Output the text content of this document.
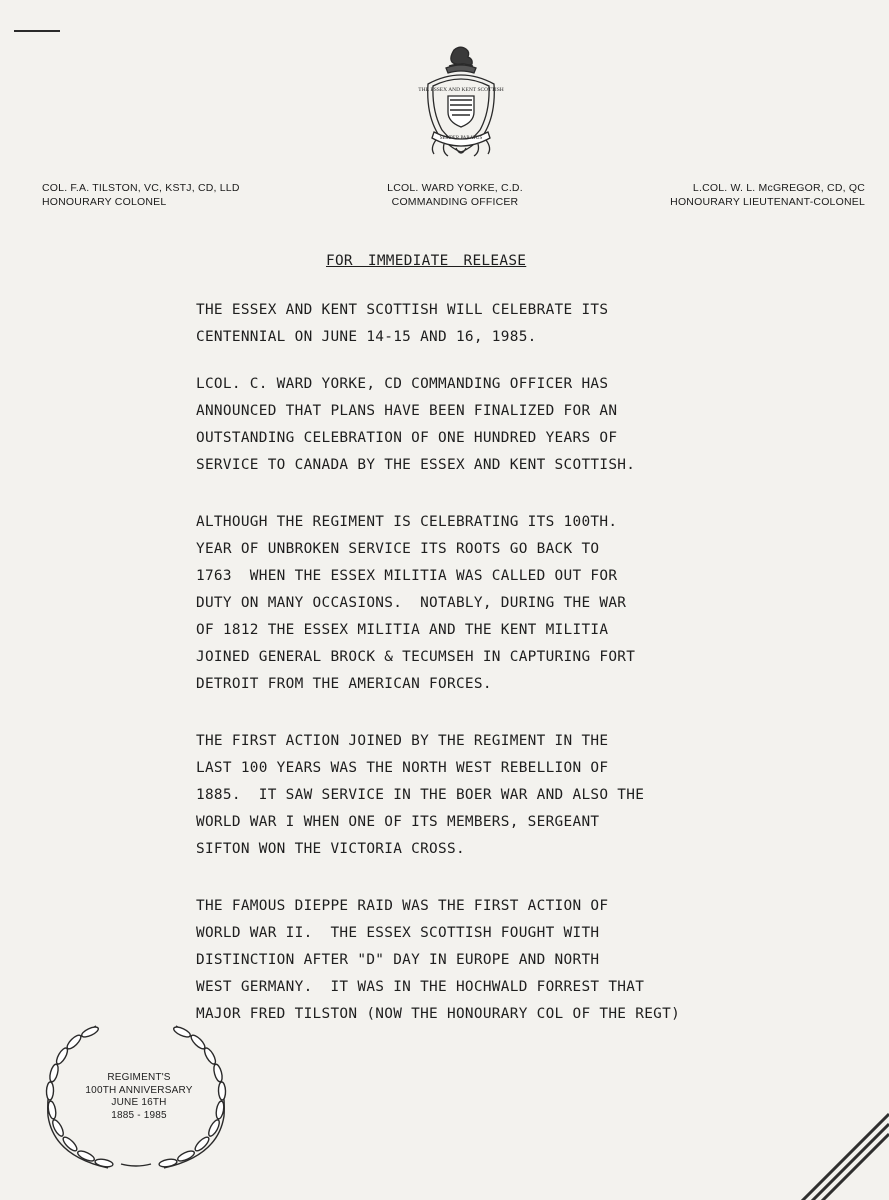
THE ESSEX AND KENT SCOTTISH
SEMPER PARATUS
COL. F.A. TILSTON, VC, KSTJ, CD, LLD
HONOURARY COLONEL
LCOL. WARD YORKE, C.D.
COMMANDING OFFICER
L.COL. W. L. McGREGOR, CD, QC
HONOURARY LIEUTENANT-COLONEL
FOR IMMEDIATE RELEASE
THE ESSEX AND KENT SCOTTISH WILL CELEBRATE ITS
CENTENNIAL ON JUNE 14-15 AND 16, 1985.
LCOL. C. WARD YORKE, CD COMMANDING OFFICER HAS
ANNOUNCED THAT PLANS HAVE BEEN FINALIZED FOR AN
OUTSTANDING CELEBRATION OF ONE HUNDRED YEARS OF
SERVICE TO CANADA BY THE ESSEX AND KENT SCOTTISH.
ALTHOUGH THE REGIMENT IS CELEBRATING ITS 100TH.
YEAR OF UNBROKEN SERVICE ITS ROOTS GO BACK TO
1763  WHEN THE ESSEX MILITIA WAS CALLED OUT FOR
DUTY ON MANY OCCASIONS.  NOTABLY, DURING THE WAR
OF 1812 THE ESSEX MILITIA AND THE KENT MILITIA
JOINED GENERAL BROCK & TECUMSEH IN CAPTURING FORT
DETROIT FROM THE AMERICAN FORCES.
THE FIRST ACTION JOINED BY THE REGIMENT IN THE
LAST 100 YEARS WAS THE NORTH WEST REBELLION OF
1885.  IT SAW SERVICE IN THE BOER WAR AND ALSO THE
WORLD WAR I WHEN ONE OF ITS MEMBERS, SERGEANT
SIFTON WON THE VICTORIA CROSS.
THE FAMOUS DIEPPE RAID WAS THE FIRST ACTION OF
WORLD WAR II.  THE ESSEX SCOTTISH FOUGHT WITH
DISTINCTION AFTER "D" DAY IN EUROPE AND NORTH
WEST GERMANY.  IT WAS IN THE HOCHWALD FORREST THAT
MAJOR FRED TILSTON (NOW THE HONOURARY COL OF THE REGT)
REGIMENT'S
100TH ANNIVERSARY
JUNE 16TH
1885 - 1985
